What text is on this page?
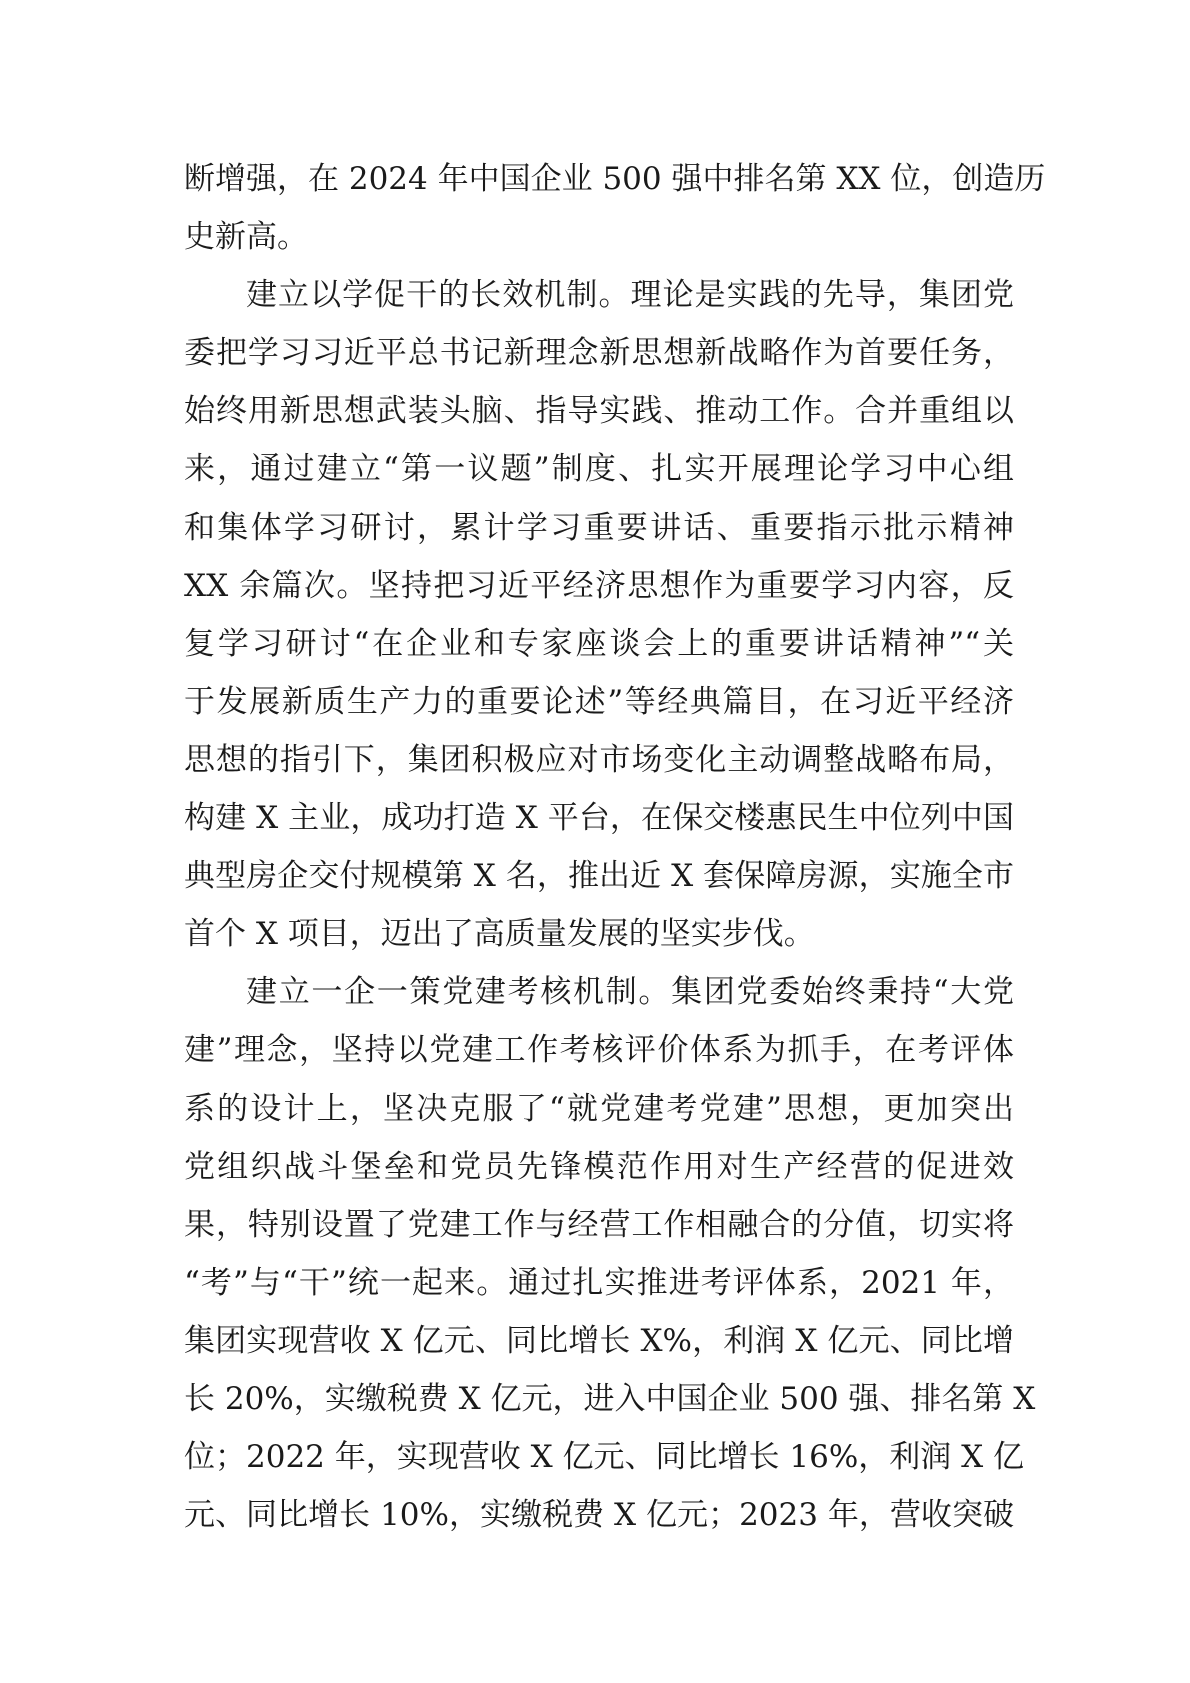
断增强，在 2024 年中国企业 500 强中排名第 XX 位，创造历
史新高。
建立以学促干的长效机制。理论是实践的先导，集团党
委把学习习近平总书记新理念新思想新战略作为首要任务，
始终用新思想武装头脑、指导实践、推动工作。合并重组以
来，通过建立“第一议题”制度、扎实开展理论学习中心组
和集体学习研讨，累计学习重要讲话、重要指示批示精神
XX 余篇次。坚持把习近平经济思想作为重要学习内容，反
复学习研讨“在企业和专家座谈会上的重要讲话精神”“关
于发展新质生产力的重要论述”等经典篇目，在习近平经济
思想的指引下，集团积极应对市场变化主动调整战略布局，
构建 X 主业，成功打造 X 平台，在保交楼惠民生中位列中国
典型房企交付规模第 X 名，推出近 X 套保障房源，实施全市
首个 X 项目，迈出了高质量发展的坚实步伐。
建立一企一策党建考核机制。集团党委始终秉持“大党
建”理念，坚持以党建工作考核评价体系为抓手，在考评体
系的设计上，坚决克服了“就党建考党建”思想，更加突出
党组织战斗堡垒和党员先锋模范作用对生产经营的促进效
果，特别设置了党建工作与经营工作相融合的分值，切实将
“考”与“干”统一起来。通过扎实推进考评体系，2021 年，
集团实现营收 X 亿元、同比增长 X%，利润 X 亿元、同比增
长 20%，实缴税费 X 亿元，进入中国企业 500 强、排名第 X
位；2022 年，实现营收 X 亿元、同比增长 16%，利润 X 亿
元、同比增长 10%，实缴税费 X 亿元；2023 年，营收突破
